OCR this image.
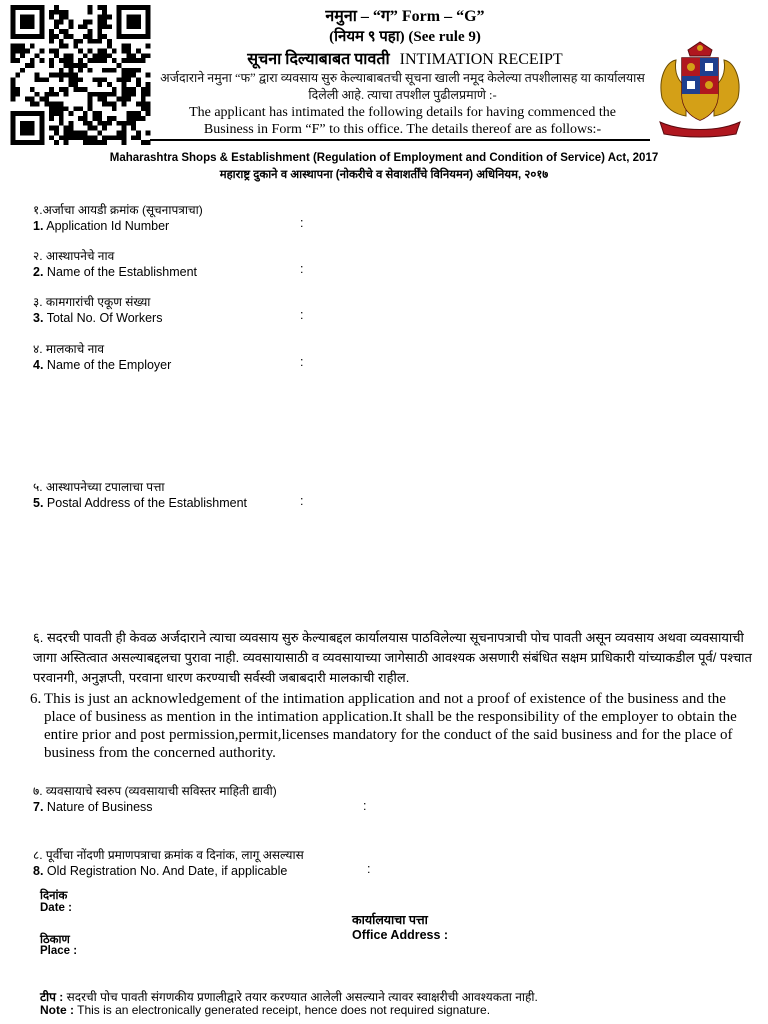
नमुना – “ग” Form – “G”
(नियम ९ पहा) (See rule 9)
सूचना दिल्याबाबत पावती INTIMATION RECEIPT
अर्जदाराने नमुना “फ” द्वारा व्यवसाय सुरु केल्याबाबतची सूचना खाली नमूद केलेल्या तपशीलासह या कार्यालयास दिलेली आहे. त्याचा तपशील पुढीलप्रमाणे :-
The applicant has intimated the following details for having commenced the
Business in Form “F” to this office. The details thereof are as follows:-
Maharashtra Shops & Establishment (Regulation of Employment and Condition of Service) Act, 2017
महाराष्ट्र दुकाने व आस्थापना (नोकरीचे व सेवाशर्तींचे विनियमन) अधिनियम, २०१७
१.अर्जाचा आयडी क्रमांक (सूचनापत्राचा)
1. Application Id Number	:
२. आस्थापनेचे नाव
2. Name of the Establishment	:
३. कामगारांची एकूण संख्या
3. Total No. Of Workers	:
४. मालकाचे नाव
4. Name of the Employer	:
५. आस्थापनेच्या टपालाचा पत्ता
5. Postal Address of the Establishment	:
६. सदरची पावती ही केवळ अर्जदाराने त्याचा व्यवसाय सुरु केल्याबद्दल कार्यालयास पाठविलेल्या सूचनापत्राची पोच पावती असून व्यवसाय अथवा व्यवसायाची जागा अस्तित्वात असल्याबद्दलचा पुरावा नाही. व्यवसायासाठी व व्यवसायाच्या जागेसाठी आवश्यक असणारी संबंधित सक्षम प्राधिकारी यांच्याकडील पूर्व/ पश्चात परवानगी, अनुज्ञप्ती, परवाना धारण करण्याची सर्वस्वी जबाबदारी मालकाची राहील.
6. This is just an acknowledgement of the intimation application and not a proof of existence of the business and the place of business as mention in the intimation application.It shall be the responsibility of the employer to obtain the entire prior and post permission,permit,licenses mandatory for the conduct of the said business and for the place of business from the concerned authority.
७. व्यवसायाचे स्वरुप (व्यवसायाची सविस्तर माहिती द्यावी)
7. Nature of Business	:
८. पूर्वीचा नोंदणी प्रमाणपत्राचा क्रमांक व दिनांक, लागू असल्यास
8. Old Registration No. And Date, if applicable	:
दिनांक
Date :
ठिकाण
Place :
कार्यालयाचा पत्ता
Office Address :
टीप : सदरची पोच पावती संगणकीय प्रणालीद्वारे तयार करण्यात आलेली असल्याने त्यावर स्वाक्षरीची आवश्यकता नाही.
Note : This is an electronically generated receipt, hence does not required signature.
